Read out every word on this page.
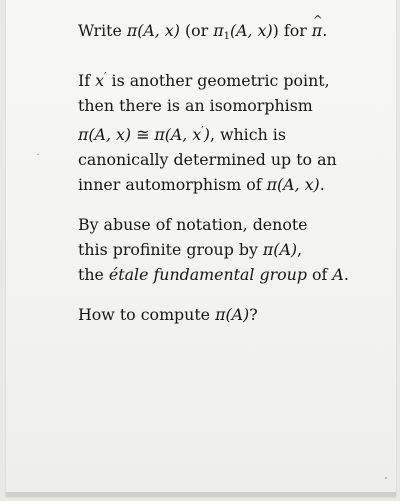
Write π(A, x) (or $\pi_1(A$, x)) for ^ π.

If x′ is another geometric point,
then there is an isomorphism
π(A, x) ≅ π(A, x′), which is
canonically determined up to an
inner automorphism of π(A, x).

By abuse of notation, denote
this profinite group by π(A),
the étale fundamental group of A.

How to compute π(A)?
